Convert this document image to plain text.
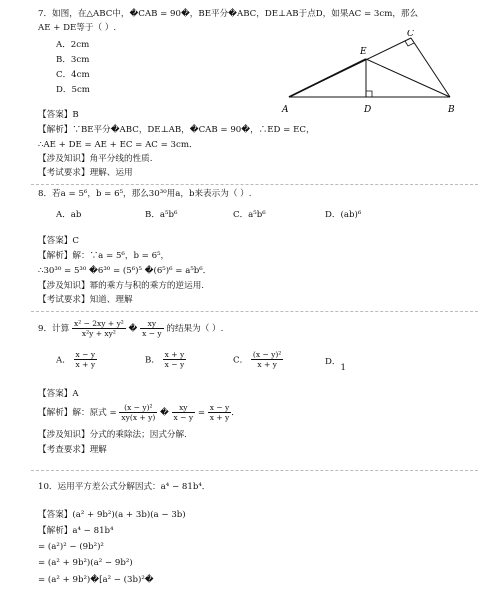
7．如图，在△ABC中，�CAB = 90�，BE平分�ABC，DE⊥AB于点D，如果AC = 3cm，那么
AE + DE等于（ ）.
A．2cm
B．3cm
C．4cm
D．5cm
A	B
C
D
E
【答案】B
【解析】∵BE平分�ABC，DE⊥AB，�CAB = 90�，∴ED = EC，
∴AE + DE = AE + EC = AC = 3cm．
【涉及知识】角平分线的性质.
【考试要求】理解、运用
8．若a = 5⁶，b = 6⁵，那么30³⁰用a，b来表示为（ ）.
A．ab	B．a⁵b⁶	C．a⁵b⁶	D．(ab)⁶
【答案】C
【解析】解：∵a = 5⁶，b = 6⁵，
∴30³⁰ = 5³⁰ �6³⁰ = (5⁶)⁵ �(6⁵)⁶ = a⁵b⁶．
【涉及知识】幂的乘方与积的乘方的逆运用.
【考试要求】知道、理解
9．计算 $\frac{\text{x² − 2xy + y²}}{\text{x²y + xy²}}$ � $\frac{xy}{x - y}$ 的结果为（ ）.
A． $\frac{x - y}{x + y}$	B． $\frac{x + y}{x - y}$	C． $\frac{\text{(x − y)²}}{x + y}$	D．1
【答案】A
【解析】解：原式 = $\frac{\text{(x − y)²}}{xy(x + y)}$ � $\frac{xy}{x - y} = \frac{x - y}{x + y}$ ．
【涉及知识】分式的乘除法；因式分解.
【考查要求】理解
10．运用平方差公式分解因式：a⁴ − 81b⁴．
【答案】(a² + 9b²)(a + 3b)(a − 3b)
【解析】a⁴ − 81b⁴
= (a²)² − (9b²)²
= (a² + 9b²)(a² − 9b²)
= (a² + 9b²)�[a² − (3b)²�
